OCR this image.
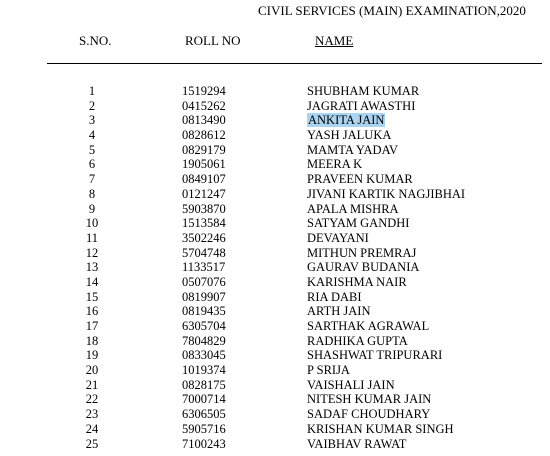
CIVIL SERVICES (MAIN) EXAMINATION,2020
S.NO.	ROLL NO	NAME
1	1519294	SHUBHAM KUMAR
2	0415262	JAGRATI AWASTHI
3	0813490	ANKITA JAIN
4	0828612	YASH JALUKA
5	0829179	MAMTA YADAV
6	1905061	MEERA K
7	0849107	PRAVEEN KUMAR
8	0121247	JIVANI KARTIK NAGJIBHAI
9	5903870	APALA MISHRA
10	1513584	SATYAM GANDHI
11	3502246	DEVAYANI
12	5704748	MITHUN PREMRAJ
13	1133517	GAURAV BUDANIA
14	0507076	KARISHMA NAIR
15	0819907	RIA DABI
16	0819435	ARTH JAIN
17	6305704	SARTHAK AGRAWAL
18	7804829	RADHIKA GUPTA
19	0833045	SHASHWAT TRIPURARI
20	1019374	P SRIJA
21	0828175	VAISHALI JAIN
22	7000714	NITESH KUMAR JAIN
23	6306505	SADAF CHOUDHARY
24	5905716	KRISHAN KUMAR SINGH
25	7100243	VAIBHAV RAWAT
